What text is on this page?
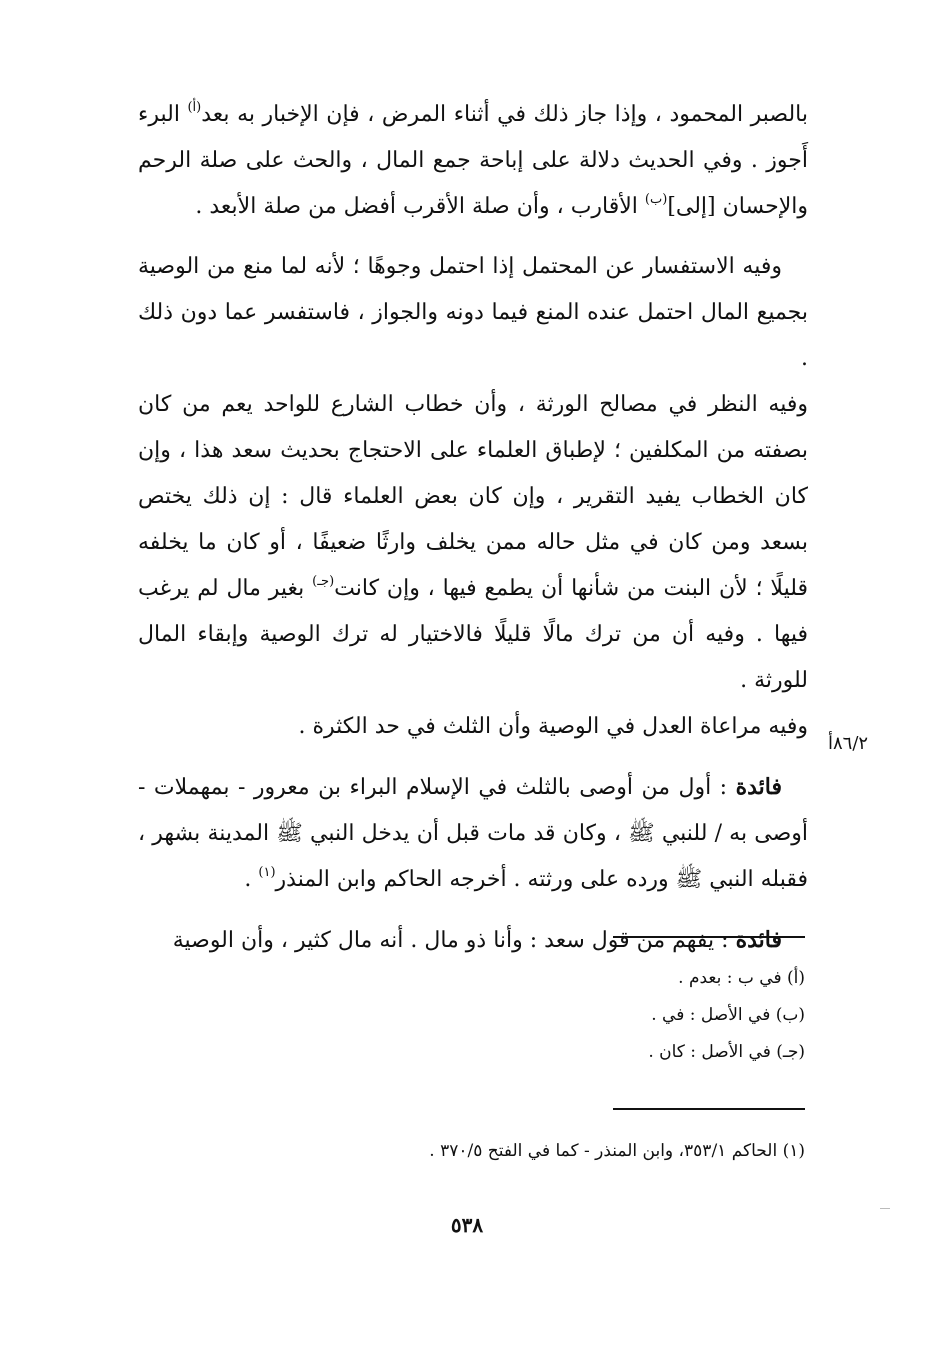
بالصبر المحمود ، وإذا جاز ذلك في أثناء المرض ، فإن الإخبار به بعد$^{(أ)}$ البرء أَجوز . وفي الحديث دلالة على إباحة جمع المال ، والحث على صلة الرحم والإحسان [إلى]$^{(ب)}$ الأقارب ، وأن صلة الأقرب أفضل من صلة الأبعد .

وفيه الاستفسار عن المحتمل إذا احتمل وجوهًا ؛ لأنه لما منع من الوصية بجميع المال احتمل عنده المنع فيما دونه والجواز ، فاستفسر عما دون ذلك .

وفيه النظر في مصالح الورثة ، وأن خطاب الشارع للواحد يعم من كان بصفته من المكلفين ؛ لإطباق العلماء على الاحتجاج بحديث سعد هذا ، وإن كان الخطاب يفيد التقرير ، وإن كان بعض العلماء قال : إن ذلك يختص بسعد ومن كان في مثل حاله ممن يخلف وارثًا ضعيفًا ، أو كان ما يخلفه قليلًا ؛ لأن البنت من شأنها أن يطمع فيها ، وإن كانت$^{(جـ)}$ بغير مال لم يرغب فيها . وفيه أن من ترك مالًا قليلًا فالاختيار له ترك الوصية وإبقاء المال للورثة .

وفيه مراعاة العدل في الوصية وأن الثلث في حد الكثرة .

فائدة : أول من أوصى بالثلث في الإسلام البراء بن معرور - بمهملات - أوصى به / للنبي ﷺ ، وكان قد مات قبل أن يدخل النبي ﷺ المدينة بشهر ، فقبله النبي ﷺ ورده على ورثته . أخرجه الحاكم وابن المنذر$^{(١)}$ .

فائدة : يفهم من قول سعد : وأنا ذو مال . أنه مال كثير ، وأن الوصية

٨٦/٢أ
(أ) في ب : بعدم .
(ب) في الأصل : في .
(جـ) في الأصل : كان .
(١) الحاكم ٣٥٣/١، وابن المنذر - كما في الفتح ٣٧٠/٥ .
٥٣٨
